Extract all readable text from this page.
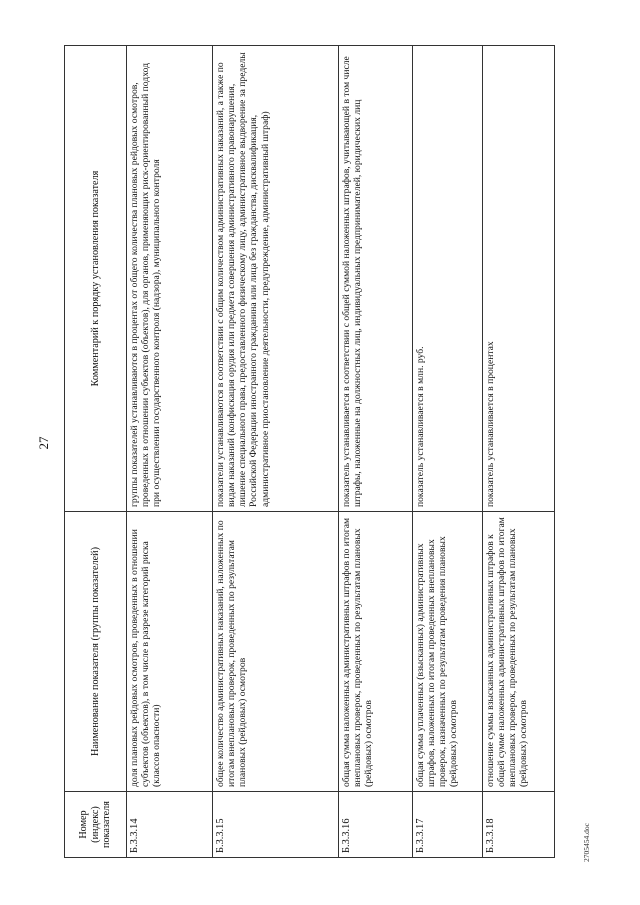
27
Номер (индекс) показателя	Наименование показателя (группы показателей)	Комментарий к порядку установления показателя
Б.3.3.14	доля плановых рейдовых осмотров, проведенных в отношении субъектов (объектов), в том числе в разрезе категорий риска (классов опасности)	группы показателей устанавливаются в процентах от общего количества плановых рейдовых осмотров, проведенных в отношении субъектов (объектов), для органов, применяющих риск-ориентированный подход при осуществлении государственного контроля (надзора), муниципального контроля
Б.3.3.15	общее количество административных наказаний, наложенных по итогам внеплановых проверок, проведенных по результатам плановых (рейдовых) осмотров	показатели устанавливаются в соответствии с общим количеством административных наказаний, а также по видам наказаний (конфискация орудия или предмета совершения административного правонарушения, лишение специального права, предоставленного физическому лицу, административное выдворение за пределы Российской Федерации иностранного гражданина или лица без гражданства, дисквалификация, административное приостановление деятельности, предупреждение, административный штраф)
Б.3.3.16	общая сумма наложенных административных штрафов по итогам внеплановых проверок, проведенных по результатам плановых (рейдовых) осмотров	показатель устанавливается в соответствии с общей суммой наложенных штрафов, учитывающей в том числе штрафы, наложенные на должностных лиц, индивидуальных предпринимателей, юридических лиц
Б.3.3.17	общая сумма уплаченных (взысканных) административных штрафов, наложенных по итогам проведенных внеплановых проверок, назначенных по результатам проведения плановых (рейдовых) осмотров	показатель устанавливается в млн. руб.
Б.3.3.18	отношение суммы взысканных административных штрафов к общей сумме наложенных административных штрафов по итогам внеплановых проверок, проведенных по результатам плановых (рейдовых) осмотров	показатель устанавливается в процентах
2705454.doc
